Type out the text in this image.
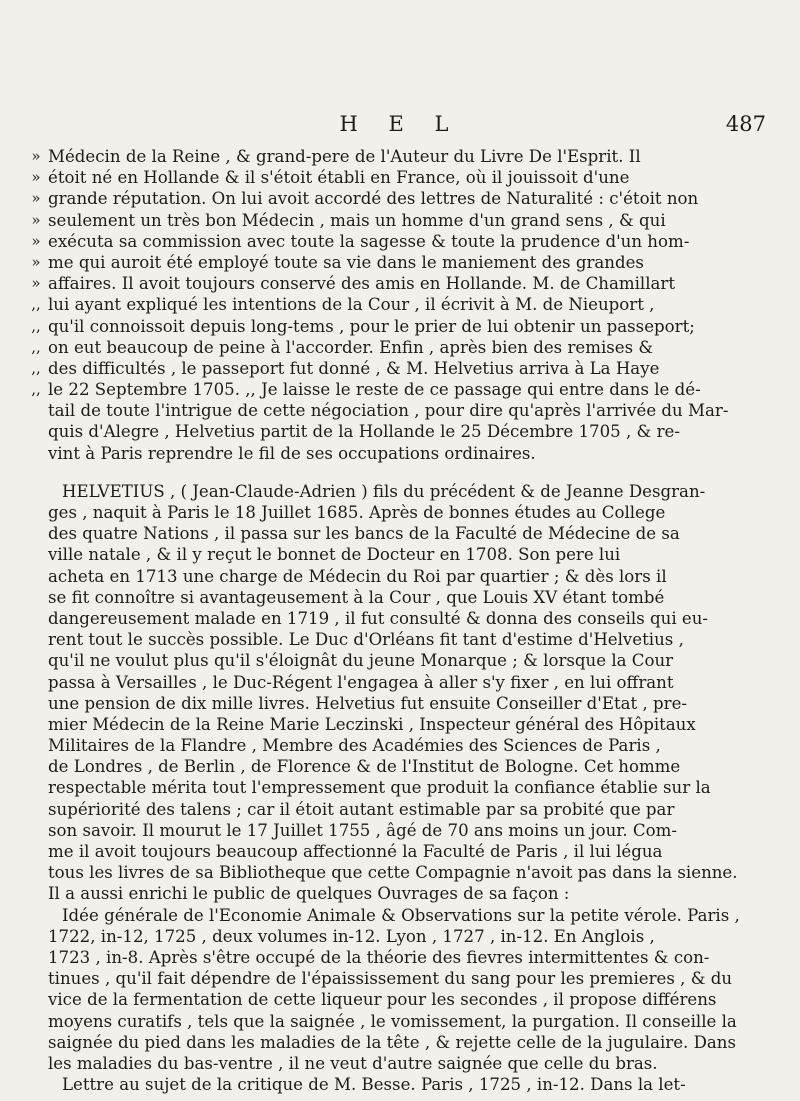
H E L	487
» Médecin de la Reine , & grand-pere de l'Auteur du Livre De l'Esprit. Il
» étoit né en Hollande & il s'étoit établi en France, où il jouissoit d'une
» grande réputation. On lui avoit accordé des lettres de Naturalité : c'étoit non
» seulement un très bon Médecin , mais un homme d'un grand sens , & qui
» exécuta sa commission avec toute la sagesse & toute la prudence d'un hom-
» me qui auroit été employé toute sa vie dans le maniement des grandes
» affaires. Il avoit toujours conservé des amis en Hollande. M. de Chamillart
,, lui ayant expliqué les intentions de la Cour , il écrivit à M. de Nieuport ,
,, qu'il connoissoit depuis long-tems , pour le prier de lui obtenir un passeport;
,, on eut beaucoup de peine à l'accorder. Enfin , après bien des remises &
,, des difficultés , le passeport fut donné , & M. Helvetius arriva à La Haye
,, le 22 Septembre 1705. ,, Je laisse le reste de ce passage qui entre dans le dé-
tail de toute l'intrigue de cette négociation , pour dire qu'après l'arrivée du Mar-
quis d'Alegre , Helvetius partit de la Hollande le 25 Décembre 1705 , & re-
vint à Paris reprendre le fil de ses occupations ordinaires.
HELVETIUS , ( Jean-Claude-Adrien ) fils du précédent & de Jeanne Desgran-
ges , naquit à Paris le 18 Juillet 1685. Après de bonnes études au College
des quatre Nations , il passa sur les bancs de la Faculté de Médecine de sa
ville natale , & il y reçut le bonnet de Docteur en 1708. Son pere lui
acheta en 1713 une charge de Médecin du Roi par quartier ; & dès lors il
se fit connoître si avantageusement à la Cour , que Louis XV étant tombé
dangereusement malade en 1719 , il fut consulté & donna des conseils qui eu-
rent tout le succès possible. Le Duc d'Orléans fit tant d'estime d'Helvetius ,
qu'il ne voulut plus qu'il s'éloignât du jeune Monarque ; & lorsque la Cour
passa à Versailles , le Duc-Régent l'engagea à aller s'y fixer , en lui offrant
une pension de dix mille livres. Helvetius fut ensuite Conseiller d'Etat , pre-
mier Médecin de la Reine Marie Leczinski , Inspecteur général des Hôpitaux
Militaires de la Flandre , Membre des Académies des Sciences de Paris ,
de Londres , de Berlin , de Florence & de l'Institut de Bologne. Cet homme
respectable mérita tout l'empressement que produit la confiance établie sur la
supériorité des talens ; car il étoit autant estimable par sa probité que par
son savoir. Il mourut le 17 Juillet 1755 , âgé de 70 ans moins un jour. Com-
me il avoit toujours beaucoup affectionné la Faculté de Paris , il lui légua
tous les livres de sa Bibliotheque que cette Compagnie n'avoit pas dans la sienne.
Il a aussi enrichi le public de quelques Ouvrages de sa façon :
Idée générale de l'Economie Animale & Observations sur la petite vérole. Paris ,
1722, in-12, 1725 , deux volumes in-12. Lyon , 1727 , in-12. En Anglois ,
1723 , in-8. Après s'être occupé de la théorie des fievres intermittentes & con-
tinues , qu'il fait dépendre de l'épaississement du sang pour les premieres , & du
vice de la fermentation de cette liqueur pour les secondes , il propose différens
moyens curatifs , tels que la saignée , le vomissement, la purgation. Il conseille la
saignée du pied dans les maladies de la tête , & rejette celle de la jugulaire. Dans
les maladies du bas-ventre , il ne veut d'autre saignée que celle du bras.
Lettre au sujet de la critique de M. Besse. Paris , 1725 , in-12. Dans la let-
